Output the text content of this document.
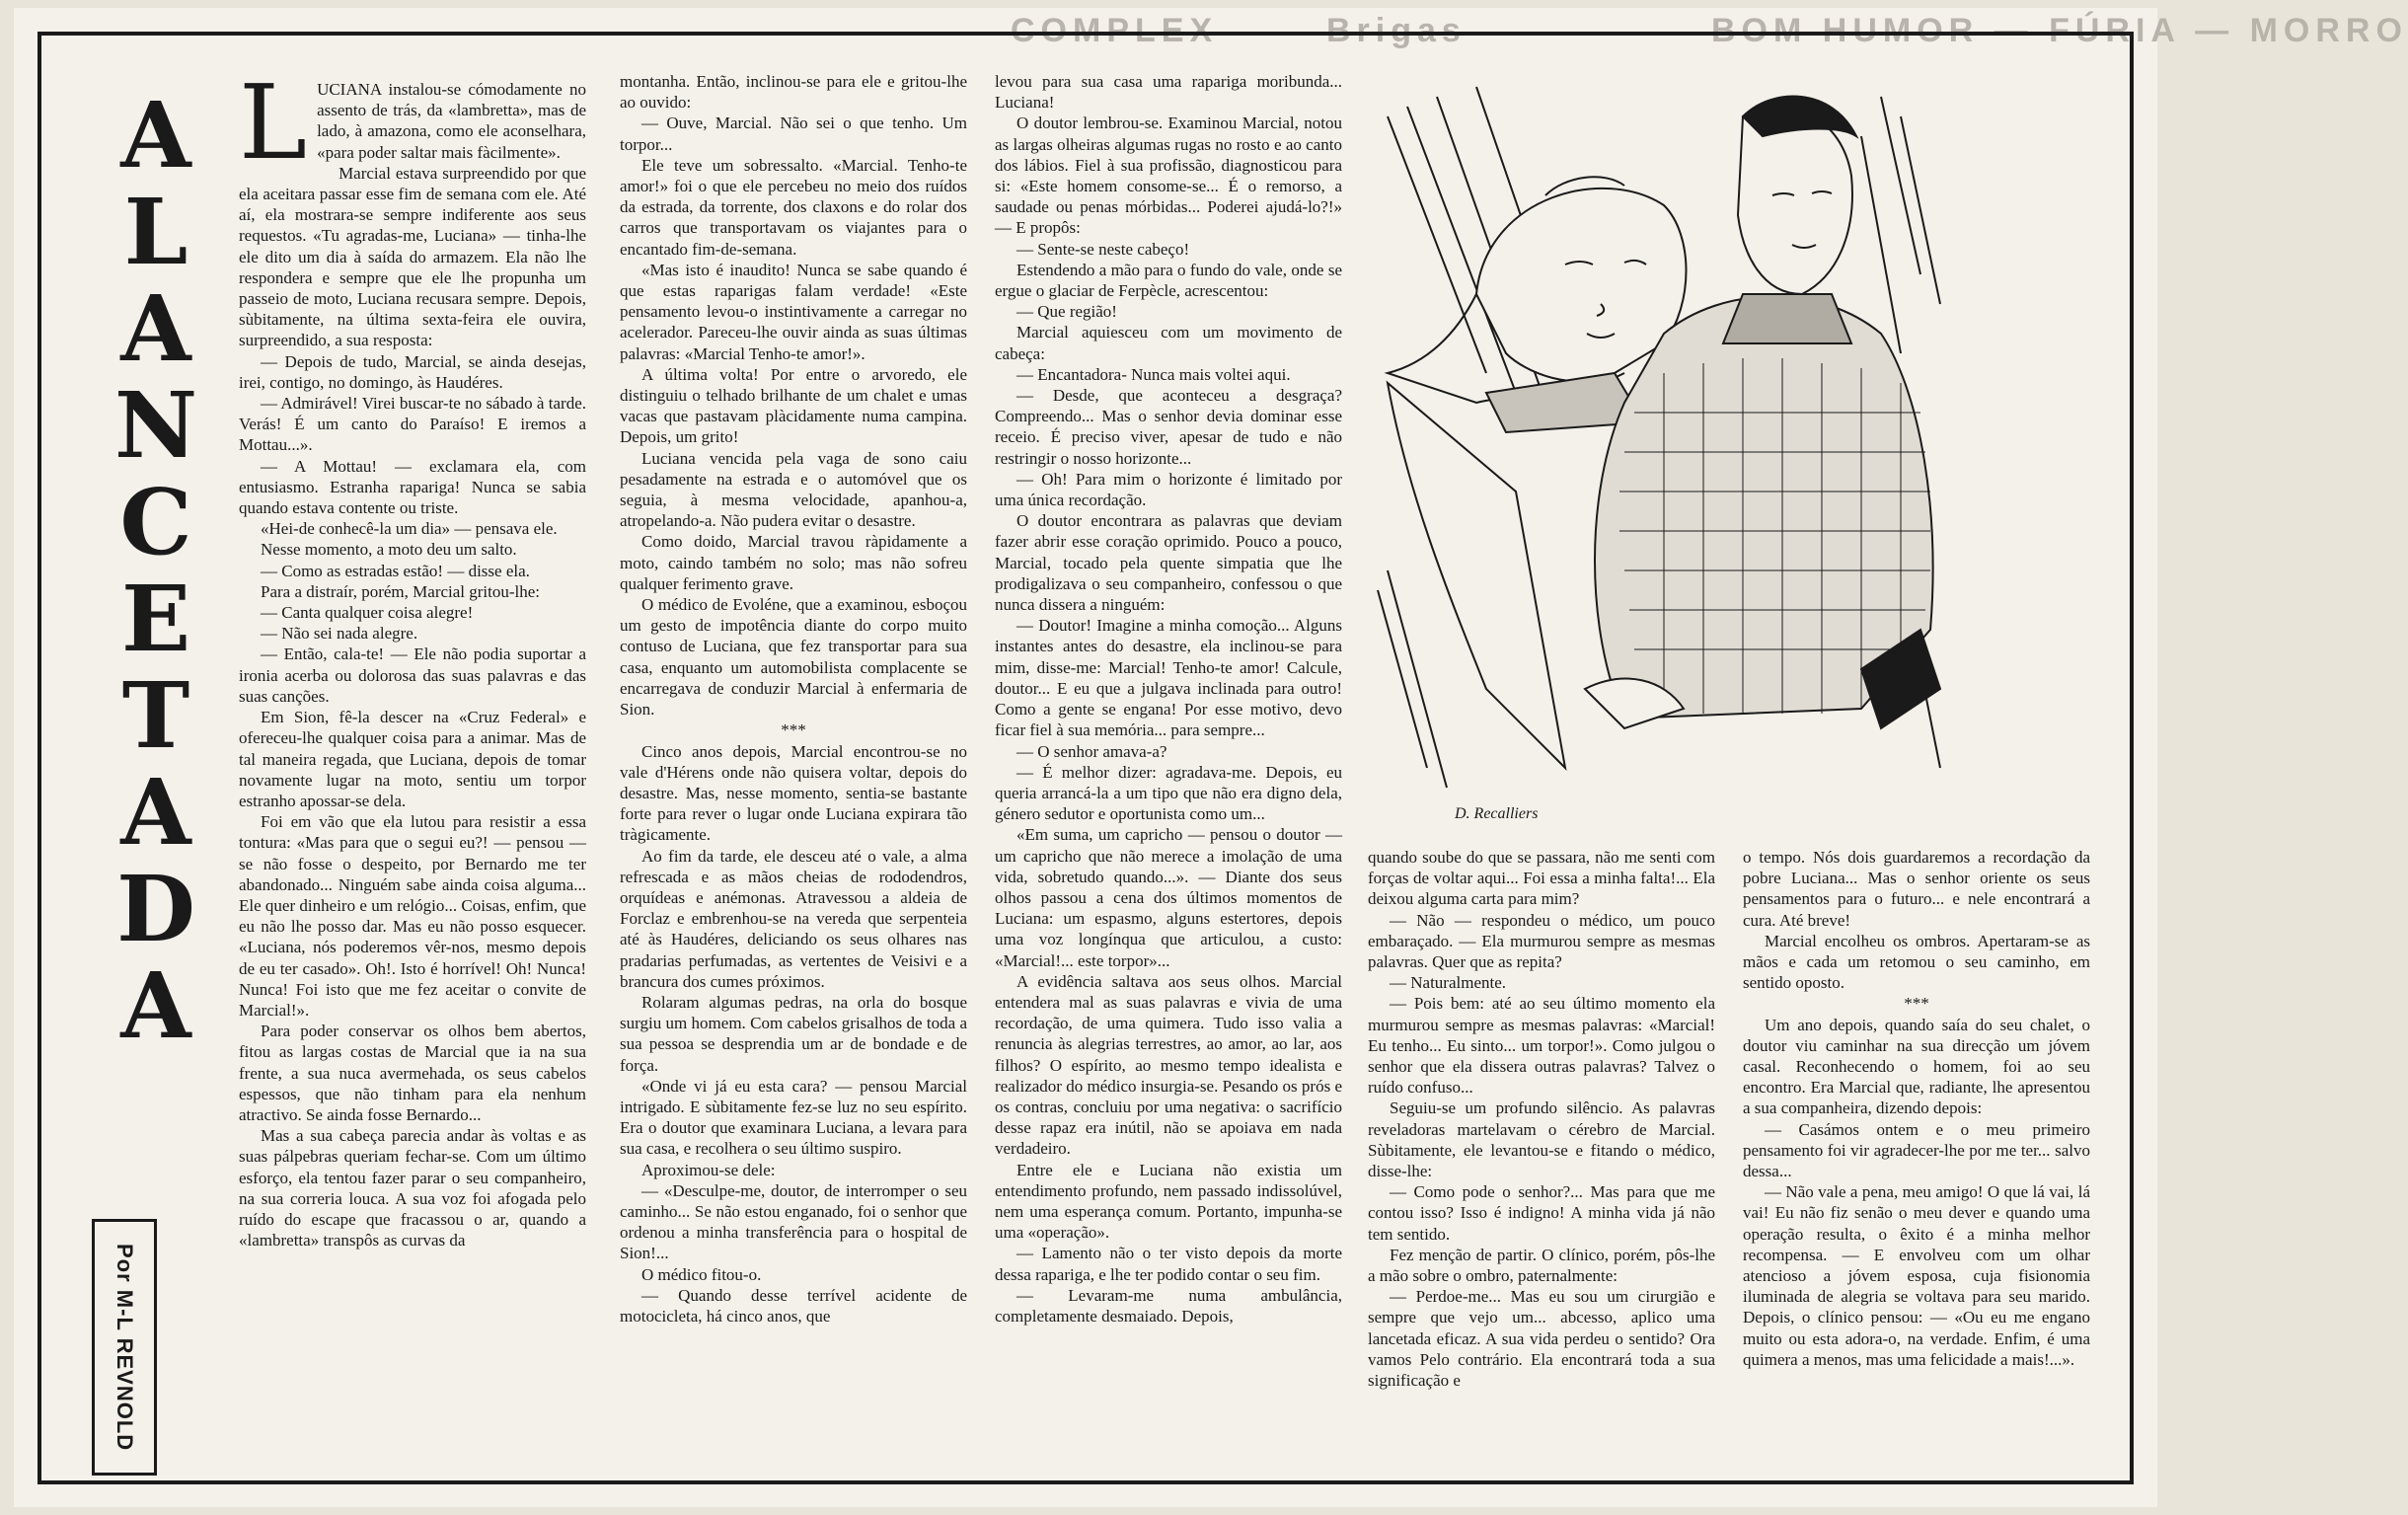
COMPLEX	Brigas	BOM HUMOR — FÚRIA — MORRO
A
L
A
N
C
E
T
A
D
A
Por M-L REVNOLD

LUCIANA instalou-se cómodamente no assento de trás, da «lambretta», mas de lado, à amazona, como ele aconselhara, «para poder saltar mais fàcilmente».

Marcial estava surpreendido por que ela aceitara passar esse fim de semana com ele. Até aí, ela mostrara-se sempre indiferente aos seus requestos. «Tu agradas-me, Luciana» — tinha-lhe ele dito um dia à saída do armazem. Ela não lhe respondera e sempre que ele lhe propunha um passeio de moto, Luciana recusara sempre. Depois, sùbitamente, na última sexta-feira ele ouvira, surpreendido, a sua resposta:

— Depois de tudo, Marcial, se ainda desejas, irei, contigo, no domingo, às Haudéres.

— Admirável! Virei buscar-te no sábado à tarde. Verás! É um canto do Paraíso! E iremos a Mottau...».

— A Mottau! — exclamara ela, com entusiasmo. Estranha rapariga! Nunca se sabia quando estava contente ou triste.

«Hei-de conhecê-la um dia» — pensava ele.

Nesse momento, a moto deu um salto.

— Como as estradas estão! — disse ela.

Para a distraír, porém, Marcial gritou-lhe:

— Canta qualquer coisa alegre!

— Não sei nada alegre.

— Então, cala-te! — Ele não podia suportar a ironia acerba ou dolorosa das suas palavras e das suas canções.

Em Sion, fê-la descer na «Cruz Federal» e ofereceu-lhe qualquer coisa para a animar. Mas de tal maneira regada, que Luciana, depois de tomar novamente lugar na moto, sentiu um torpor estranho apossar-se dela.

Foi em vão que ela lutou para resistir a essa tontura: «Mas para que o segui eu?! — pensou — se não fosse o despeito, por Bernardo me ter abandonado... Ninguém sabe ainda coisa alguma... Ele quer dinheiro e um relógio... Coisas, enfim, que eu não lhe posso dar. Mas eu não posso esquecer. «Luciana, nós poderemos vêr-nos, mesmo depois de eu ter casado». Oh!. Isto é horrível! Oh! Nunca! Nunca! Foi isto que me fez aceitar o convite de Marcial!».

Para poder conservar os olhos bem abertos, fitou as largas costas de Marcial que ia na sua frente, a sua nuca avermehada, os seus cabelos espessos, que não tinham para ela nenhum atractivo. Se ainda fosse Bernardo...

Mas a sua cabeça parecia andar às voltas e as suas pálpebras queriam fechar-se. Com um último esforço, ela tentou fazer parar o seu companheiro, na sua correria louca. A sua voz foi afogada pelo ruído do escape que fracassou o ar, quando a «lambretta» transpôs as curvas da

montanha. Então, inclinou-se para ele e gritou-lhe ao ouvido:

— Ouve, Marcial. Não sei o que tenho. Um torpor...

Ele teve um sobressalto. «Marcial. Tenho-te amor!» foi o que ele percebeu no meio dos ruídos da estrada, da torrente, dos claxons e do rolar dos carros que transportavam os viajantes para o encantado fim-de-semana.

«Mas isto é inaudito! Nunca se sabe quando é que estas raparigas falam verdade! «Este pensamento levou-o instintivamente a carregar no acelerador. Pareceu-lhe ouvir ainda as suas últimas palavras: «Marcial Tenho-te amor!».

A última volta! Por entre o arvoredo, ele distinguiu o telhado brilhante de um chalet e umas vacas que pastavam plàcidamente numa campina. Depois, um grito!

Luciana vencida pela vaga de sono caiu pesadamente na estrada e o automóvel que os seguia, à mesma velocidade, apanhou-a, atropelando-a. Não pudera evitar o desastre.

Como doido, Marcial travou ràpidamente a moto, caindo também no solo; mas não sofreu qualquer ferimento grave.

O médico de Evoléne, que a examinou, esboçou um gesto de impotência diante do corpo muito contuso de Luciana, que fez transportar para sua casa, enquanto um automobilista complacente se encarregava de conduzir Marcial à enfermaria de Sion.

***

Cinco anos depois, Marcial encontrou-se no vale d'Hérens onde não quisera voltar, depois do desastre. Mas, nesse momento, sentia-se bastante forte para rever o lugar onde Luciana expirara tão tràgicamente.

Ao fim da tarde, ele desceu até o vale, a alma refrescada e as mãos cheias de rododendros, orquídeas e anémonas. Atravessou a aldeia de Forclaz e embrenhou-se na vereda que serpenteia até às Haudéres, deliciando os seus olhares nas pradarias perfumadas, as vertentes de Veisivi e a brancura dos cumes próximos.

Rolaram algumas pedras, na orla do bosque surgiu um homem. Com cabelos grisalhos de toda a sua pessoa se desprendia um ar de bondade e de força.

«Onde vi já eu esta cara? — pensou Marcial intrigado. E sùbitamente fez-se luz no seu espírito. Era o doutor que examinara Luciana, a levara para sua casa, e recolhera o seu último suspiro.

Aproximou-se dele:

— «Desculpe-me, doutor, de interromper o seu caminho... Se não estou enganado, foi o senhor que ordenou a minha transferência para o hospital de Sion!...

O médico fitou-o.

— Quando desse terrível acidente de motocicleta, há cinco anos, que

levou para sua casa uma rapariga moribunda... Luciana!

O doutor lembrou-se. Examinou Marcial, notou as largas olheiras algumas rugas no rosto e ao canto dos lábios. Fiel à sua profissão, diagnosticou para si: «Este homem consome-se... É o remorso, a saudade ou penas mórbidas... Poderei ajudá-lo?!» — E propôs:

— Sente-se neste cabeço!

Estendendo a mão para o fundo do vale, onde se ergue o glaciar de Ferpècle, acrescentou:

— Que região!

Marcial aquiesceu com um movimento de cabeça:

— Encantadora- Nunca mais voltei aqui.

— Desde, que aconteceu a desgraça? Compreendo... Mas o senhor devia dominar esse receio. É preciso viver, apesar de tudo e não restringir o nosso horizonte...

— Oh! Para mim o horizonte é limitado por uma única recordação.

O doutor encontrara as palavras que deviam fazer abrir esse coração oprimido. Pouco a pouco, Marcial, tocado pela quente simpatia que lhe prodigalizava o seu companheiro, confessou o que nunca dissera a ninguém:

— Doutor! Imagine a minha comoção... Alguns instantes antes do desastre, ela inclinou-se para mim, disse-me: Marcial! Tenho-te amor! Calcule, doutor... E eu que a julgava inclinada para outro! Como a gente se engana! Por esse motivo, devo ficar fiel à sua memória... para sempre...

— O senhor amava-a?

— É melhor dizer: agradava-me. Depois, eu queria arrancá-la a um tipo que não era digno dela, género sedutor e oportunista como um...

«Em suma, um capricho — pensou o doutor — um capricho que não merece a imolação de uma vida, sobretudo quando...». — Diante dos seus olhos passou a cena dos últimos momentos de Luciana: um espasmo, alguns estertores, depois uma voz longínqua que articulou, a custo: «Marcial!... este torpor»...

A evidência saltava aos seus olhos. Marcial entendera mal as suas palavras e vivia de uma recordação, de uma quimera. Tudo isso valia a renuncia às alegrias terrestres, ao amor, ao lar, aos filhos? O espírito, ao mesmo tempo idealista e realizador do médico insurgia-se. Pesando os prós e os contras, concluiu por uma negativa: o sacrifício desse rapaz era inútil, não se apoiava em nada verdadeiro.

Entre ele e Luciana não existia um entendimento profundo, nem passado indissolúvel, nem uma esperança comum. Portanto, impunha-se uma «operação».

— Lamento não o ter visto depois da morte dessa rapariga, e lhe ter podido contar o seu fim.

— Levaram-me numa ambulância, completamente desmaiado. Depois,

D. Recalliers

quando soube do que se passara, não me senti com forças de voltar aqui... Foi essa a minha falta!... Ela deixou alguma carta para mim?

— Não — respondeu o médico, um pouco embaraçado. — Ela murmurou sempre as mesmas palavras. Quer que as repita?

— Naturalmente.

— Pois bem: até ao seu último momento ela murmurou sempre as mesmas palavras: «Marcial! Eu tenho... Eu sinto... um torpor!». Como julgou o senhor que ela dissera outras palavras? Talvez o ruído confuso...

Seguiu-se um profundo silêncio. As palavras reveladoras martelavam o cérebro de Marcial. Sùbitamente, ele levantou-se e fitando o médico, disse-lhe:

— Como pode o senhor?... Mas para que me contou isso? Isso é indigno! A minha vida já não tem sentido.

Fez menção de partir. O clínico, porém, pôs-lhe a mão sobre o ombro, paternalmente:

— Perdoe-me... Mas eu sou um cirurgião e sempre que vejo um... abcesso, aplico uma lancetada eficaz. A sua vida perdeu o sentido? Ora vamos Pelo contrário. Ela encontrará toda a sua significação e

o tempo. Nós dois guardaremos a recordação da pobre Luciana... Mas o senhor oriente os seus pensamentos para o futuro... e nele encontrará a cura. Até breve!

Marcial encolheu os ombros. Apertaram-se as mãos e cada um retomou o seu caminho, em sentido oposto.

***

Um ano depois, quando saía do seu chalet, o doutor viu caminhar na sua direcção um jóvem casal. Reconhecendo o homem, foi ao seu encontro. Era Marcial que, radiante, lhe apresentou a sua companheira, dizendo depois:

— Casámos ontem e o meu primeiro pensamento foi vir agradecer-lhe por me ter... salvo dessa...

— Não vale a pena, meu amigo! O que lá vai, lá vai! Eu não fiz senão o meu dever e quando uma operação resulta, o êxito é a minha melhor recompensa. — E envolveu com um olhar atencioso a jóvem esposa, cuja fisionomia iluminada de alegria se voltava para seu marido. Depois, o clínico pensou: — «Ou eu me engano muito ou esta adora-o, na verdade. Enfim, é uma quimera a menos, mas uma felicidade a mais!...».
